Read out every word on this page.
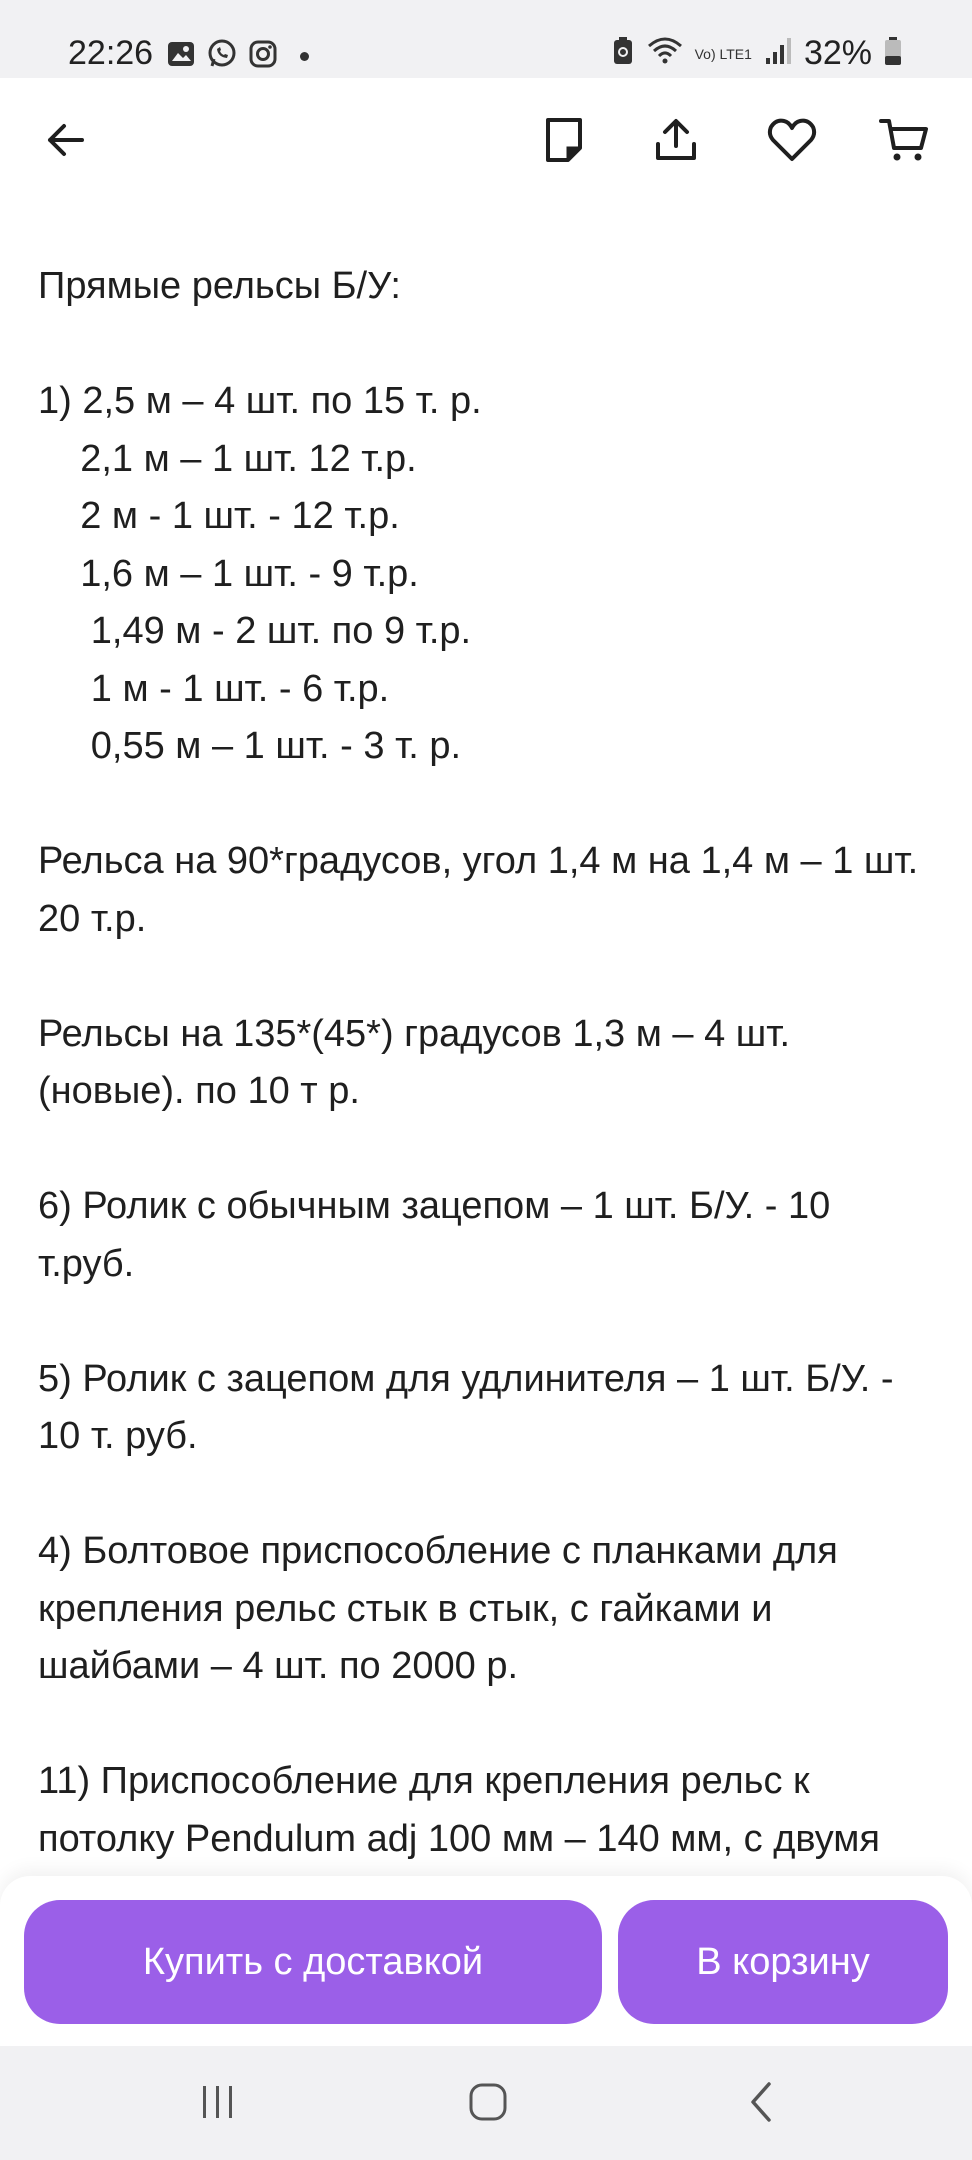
22:26	Vo) LTE1 32%
Прямые рельсы Б/У:
1) 2,5 м – 4 шт. по 15 т. р.
2,1 м – 1 шт. 12 т.р.
2 м - 1 шт. - 12 т.р.
1,6 м – 1 шт. - 9 т.р.
1,49 м - 2 шт. по 9 т.р.
1 м - 1 шт. - 6 т.р.
0,55 м – 1 шт. - 3 т. р.
Рельса на 90*градусов, угол 1,4 м на 1,4 м – 1 шт.
20 т.р.
Рельсы на 135*(45*) градусов 1,3 м – 4 шт.
(новые). по 10 т р.
6) Ролик с обычным зацепом – 1 шт. Б/У. - 10
т.руб.
5) Ролик с зацепом для удлинителя – 1 шт. Б/У. -
10 т. руб.
4) Болтовое приспособление с планками для
крепления рельс стык в стык, с гайками и
шайбами – 4 шт. по 2000 р.
11) Приспособление для крепления рельс к
потолку Pendulum adj 100 мм – 140 мм, с двумя
Купить с доставкой	В корзину
